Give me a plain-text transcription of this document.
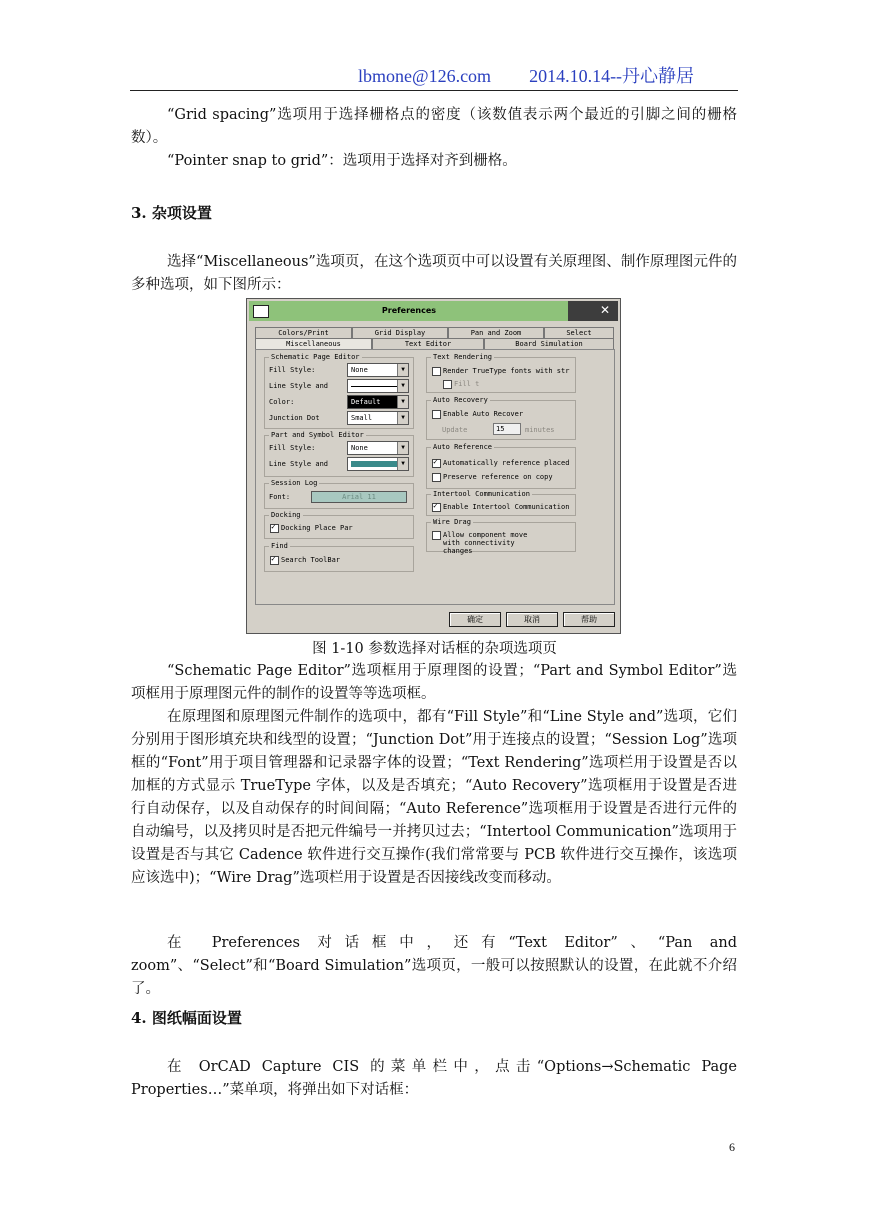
lbmone@126.com 2014.10.14--丹心静居

“Grid spacing”选项用于选择栅格点的密度（该数值表示两个最近的引脚之间的栅格数）。

“Pointer snap to grid”：选项用于选择对齐到栅格。

3. 杂项设置

选择“Miscellaneous”选项页，在这个选项页中可以设置有关原理图、制作原理图元件的多种选项，如下图所示：

Preferences	✕
Colors/Print	Grid Display	Pan and Zoom	Select
Miscellaneous	Text Editor	Board Simulation
Schematic Page Editor
Fill Style:	None	▼
Line Style and	▼
Color:	Default	▼
Junction Dot	Small	▼
Part and Symbol Editor
Fill Style:	None	▼
Line Style and	▼
Session Log
Font:	Arial 11
Docking
Docking Place Par ✓
Find
Search ToolBar ✓
Text Rendering
Render TrueType fonts with str
Fill t
Auto Recovery
Enable Auto Recover
Update	15	minutes
Auto Reference
Automatically reference placed ✓
Preserve reference on copy
Intertool Communication
Enable Intertool Communication ✓
Wire Drag
Allow component move
with connectivity
changes
确定	取消	帮助
图 1-10 参数选择对话框的杂项选项页

“Schematic Page Editor”选项框用于原理图的设置；“Part and Symbol Editor”选项框用于原理图元件的制作的设置等等选项框。

在原理图和原理图元件制作的选项中，都有“Fill Style”和“Line Style and”选项，它们分别用于图形填充块和线型的设置；“Junction Dot”用于连接点的设置；“Session Log”选项框的“Font”用于项目管理器和记录器字体的设置；“Text Rendering”选项栏用于设置是否以加框的方式显示 TrueType 字体，以及是否填充；“Auto Recovery”选项框用于设置是否进行自动保存，以及自动保存的时间间隔；“Auto Reference”选项框用于设置是否进行元件的自动编号，以及拷贝时是否把元件编号一并拷贝过去；“Intertool Communication”选项用于设置是否与其它 Cadence 软件进行交互操作(我们常常要与 PCB 软件进行交互操作，该选项应该选中)；“Wire Drag”选项栏用于设置是否因接线改变而移动。

在 Preferences 对话框中，还有“Text Editor”、“Pan and zoom”、“Select”和“Board Simulation”选项页，一般可以按照默认的设置，在此就不介绍了。

4. 图纸幅面设置

在 OrCAD Capture CIS 的菜单栏中，点击“Options→Schematic Page Properties…”菜单项，将弹出如下对话框：

6
